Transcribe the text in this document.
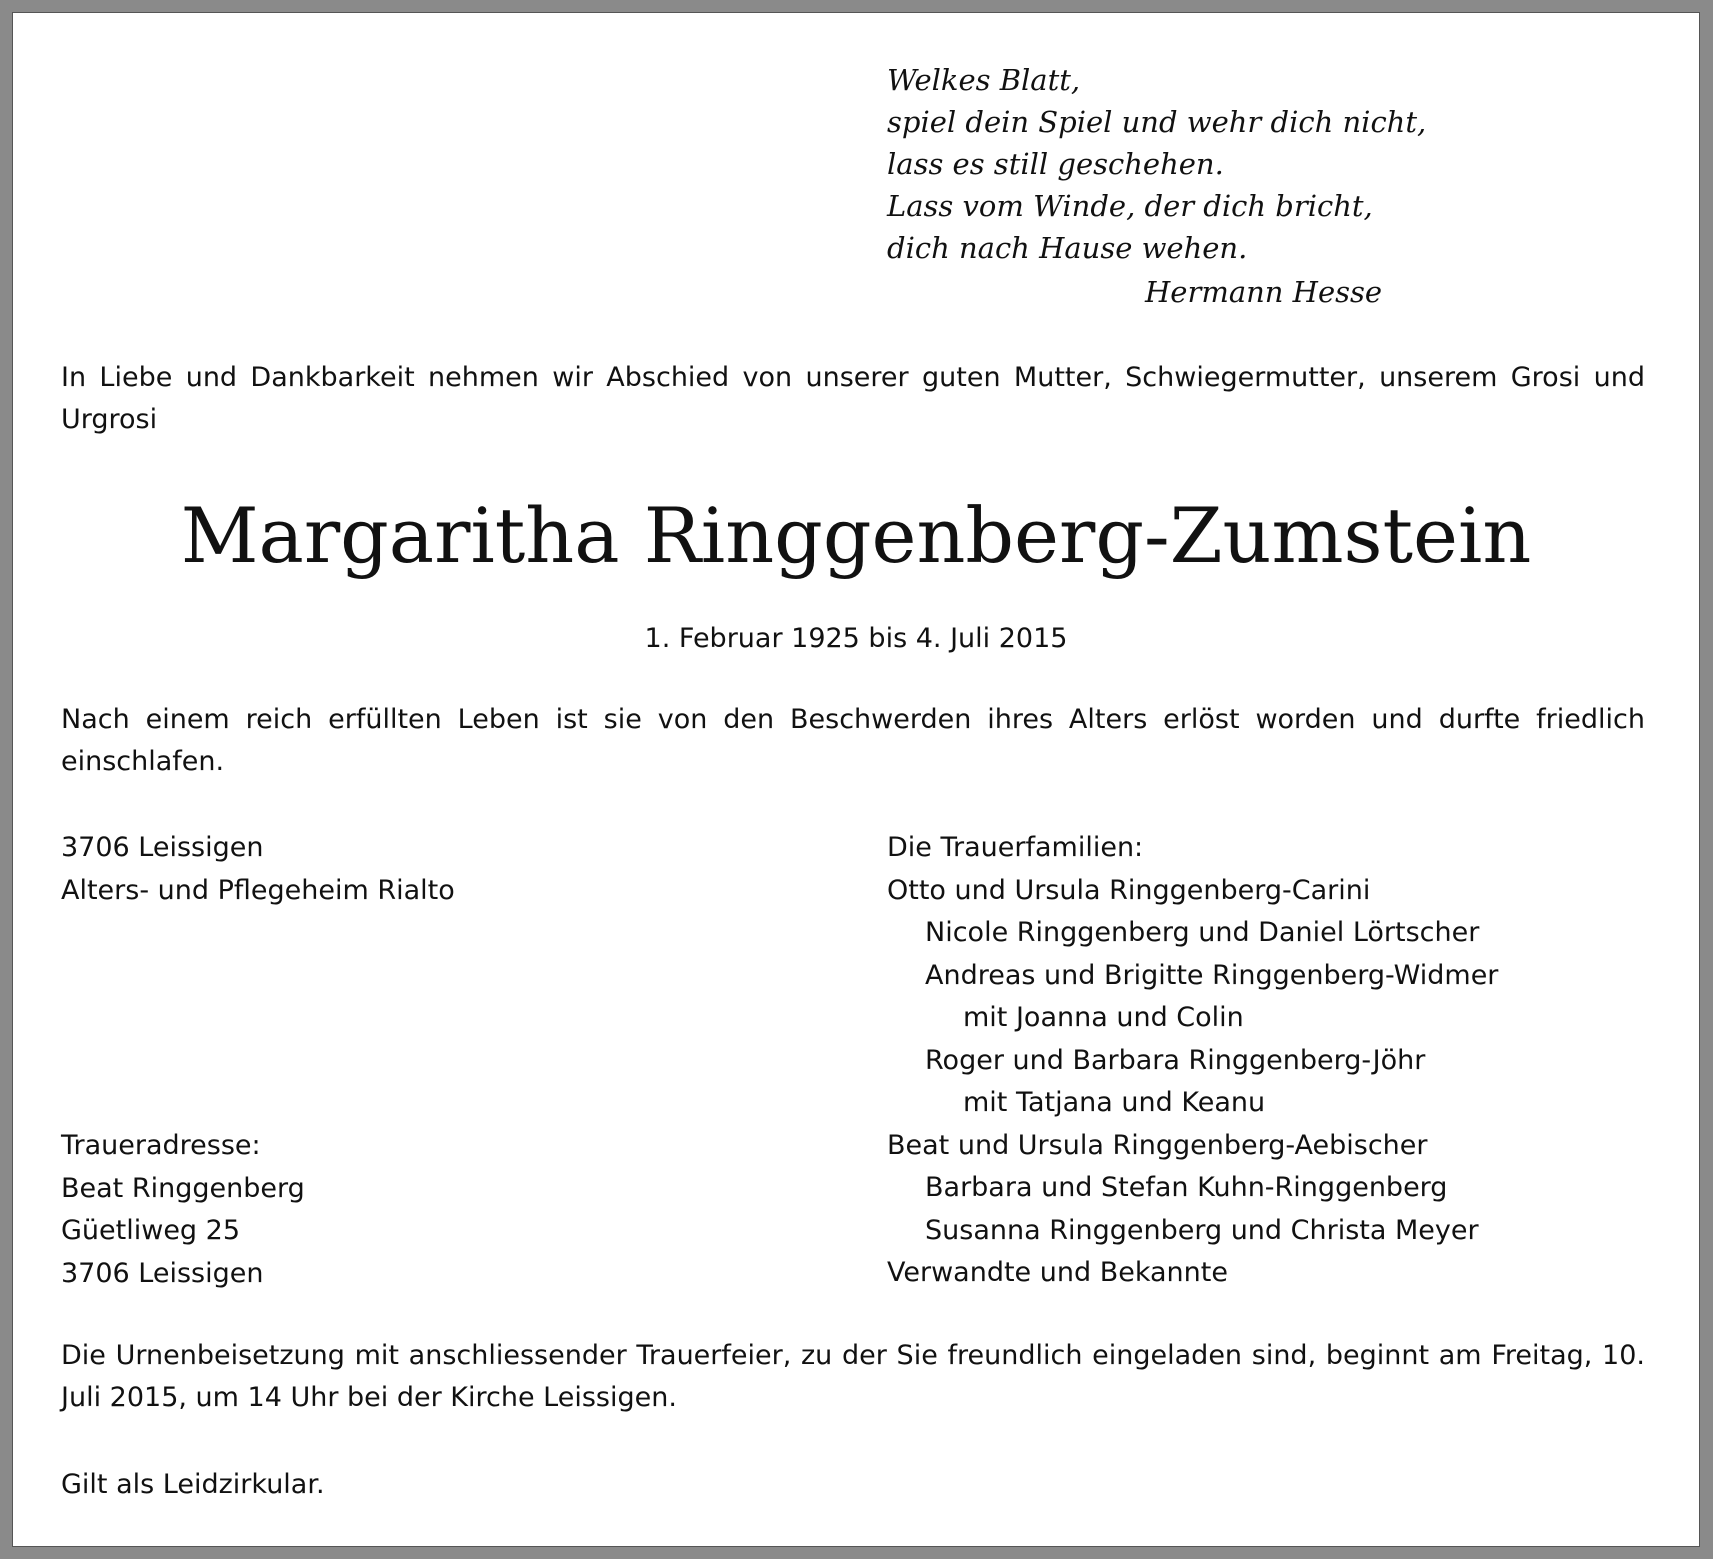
Welkes Blatt,
spiel dein Spiel und wehr dich nicht,
lass es still geschehen.
Lass vom Winde, der dich bricht,
dich nach Hause wehen.
Hermann Hesse
In Liebe und Dankbarkeit nehmen wir Abschied von unserer guten Mutter, Schwiegermutter, unserem Grosi und Urgrosi
Margaritha Ringgenberg-Zumstein
1. Februar 1925 bis 4. Juli 2015
Nach einem reich erfüllten Leben ist sie von den Beschwerden ihres Alters erlöst worden und durfte friedlich einschlafen.
3706 Leissigen
Alters- und Pflegeheim Rialto
Traueradresse:
Beat Ringgenberg
Güetliweg 25
3706 Leissigen
Die Trauerfamilien:
Otto und Ursula Ringgenberg-Carini
Nicole Ringgenberg und Daniel Lörtscher
Andreas und Brigitte Ringgenberg-Widmer
mit Joanna und Colin
Roger und Barbara Ringgenberg-Jöhr
mit Tatjana und Keanu
Beat und Ursula Ringgenberg-Aebischer
Barbara und Stefan Kuhn-Ringgenberg
Susanna Ringgenberg und Christa Meyer
Verwandte und Bekannte
Die Urnenbeisetzung mit anschliessender Trauerfeier, zu der Sie freundlich eingeladen sind, beginnt am Freitag, 10. Juli 2015, um 14 Uhr bei der Kirche Leissigen.
Gilt als Leidzirkular.
